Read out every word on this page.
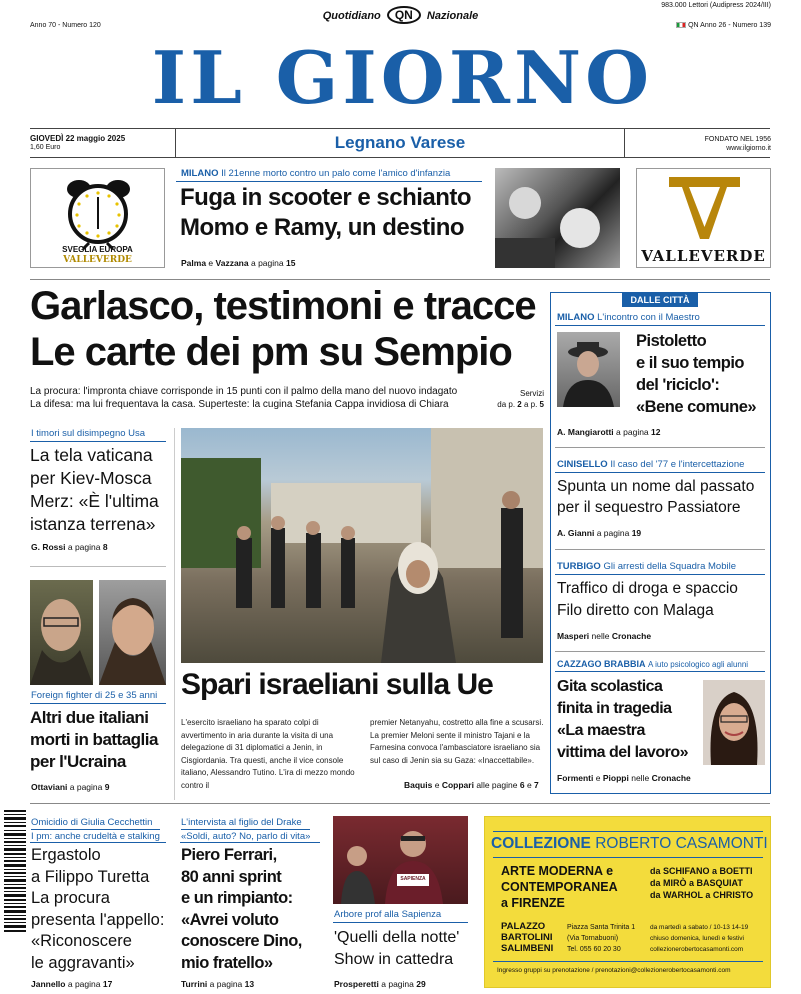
Anno 70 - Numero 120
Quotidiano QN Nazionale
983.000 Lettori (Audipress 2024/III)
QN Anno 26 - Numero 139
IL GIORNO
GIOVEDÌ 22 maggio 2025
1,60 Euro	Legnano Varese	FONDATO NEL 1956
www.ilgiorno.it
SVEGLIA EUROPA
VALLEVERDE
MILANO Il 21enne morto contro un palo come l'amico d'infanzia
Fuga in scooter e schianto
Momo e Ramy, un destino
Palma e Vazzana a pagina 15	VALLEVERDE
Garlasco, testimoni e tracce
Le carte dei pm su Sempio
La procura: l'impronta chiave corrisponde in 15 punti con il palmo della mano del nuovo indagato
La difesa: ma lui frequentava la casa. Superteste: la cugina Stefania Cappa invidiosa di Chiara
Servizi
da p. 2 a p. 5
I timori sul disimpegno Usa
La tela vaticana
per Kiev-Mosca
Merz: «È l'ultima
istanza terrena»
G. Rossi a pagina 8
Foreign fighter di 25 e 35 anni
Altri due italiani
morti in battaglia
per l'Ucraina
Ottaviani a pagina 9
Spari israeliani sulla Ue
L'esercito israeliano ha sparato colpi di avvertimento in aria durante la visita di una delegazione di 31 diplomatici a Jenin, in Cisgiordania. Tra questi, anche il vice console italiano, Alessandro Tutino. L'ira di mezzo mondo contro il
premier Netanyahu, costretto alla fine a scusarsi. La premier Meloni sente il ministro Tajani e la Farnesina convoca l'ambasciatore israeliano sia sul caso di Jenin sia su Gaza: «Inaccettabile».
Baquis e Coppari alle pagine 6 e 7
DALLE CITTÀ
MILANO L'incontro con il Maestro
Pistoletto
e il suo tempio
del 'riciclo':
«Bene comune»
A. Mangiarotti a pagina 12
CINISELLO Il caso del '77 e l'intercettazione
Spunta un nome dal passato
per il sequestro Passiatore
A. Gianni a pagina 19
TURBIGO Gli arresti della Squadra Mobile
Traffico di droga e spaccio
Filo diretto con Malaga
Masperi nelle Cronache
CAZZAGO BRABBIA A iuto psicologico agli alunni
Gita scolastica
finita in tragedia
«La maestra
vittima del lavoro»
Formenti e Pioppi nelle Cronache
Omicidio di Giulia Cecchettin
I pm: anche crudeltà e stalking
Ergastolo
a Filippo Turetta
La procura
presenta l'appello:
«Riconoscere
le aggravanti»
Jannello a pagina 17
L'intervista al figlio del Drake
«Soldi, auto? No, parlo di vita»
Piero Ferrari,
80 anni sprint
e un rimpianto:
«Avrei voluto
conoscere Dino,
mio fratello»
Turrini a pagina 13
SAPIENZA
Arbore prof alla Sapienza
'Quelli della notte'
Show in cattedra
Prosperetti a pagina 29
COLLEZIONE ROBERTO CASAMONTI
ARTE MODERNA e
CONTEMPORANEA
a FIRENZE
da SCHIFANO a BOETTI
da MIRÒ a BASQUIAT
da WARHOL a CHRISTO
PALAZZO
BARTOLINI
SALIMBENI
Piazza Santa Trinita 1
(Via Tornabuoni)
Tel. 055 60 20 30
da martedì a sabato / 10-13 14-19
chiuso domenica, lunedì e festivi
collezionerobertocasamonti.com
Ingresso gruppi su prenotazione / prenotazioni@collezionerobertocasamonti.com
